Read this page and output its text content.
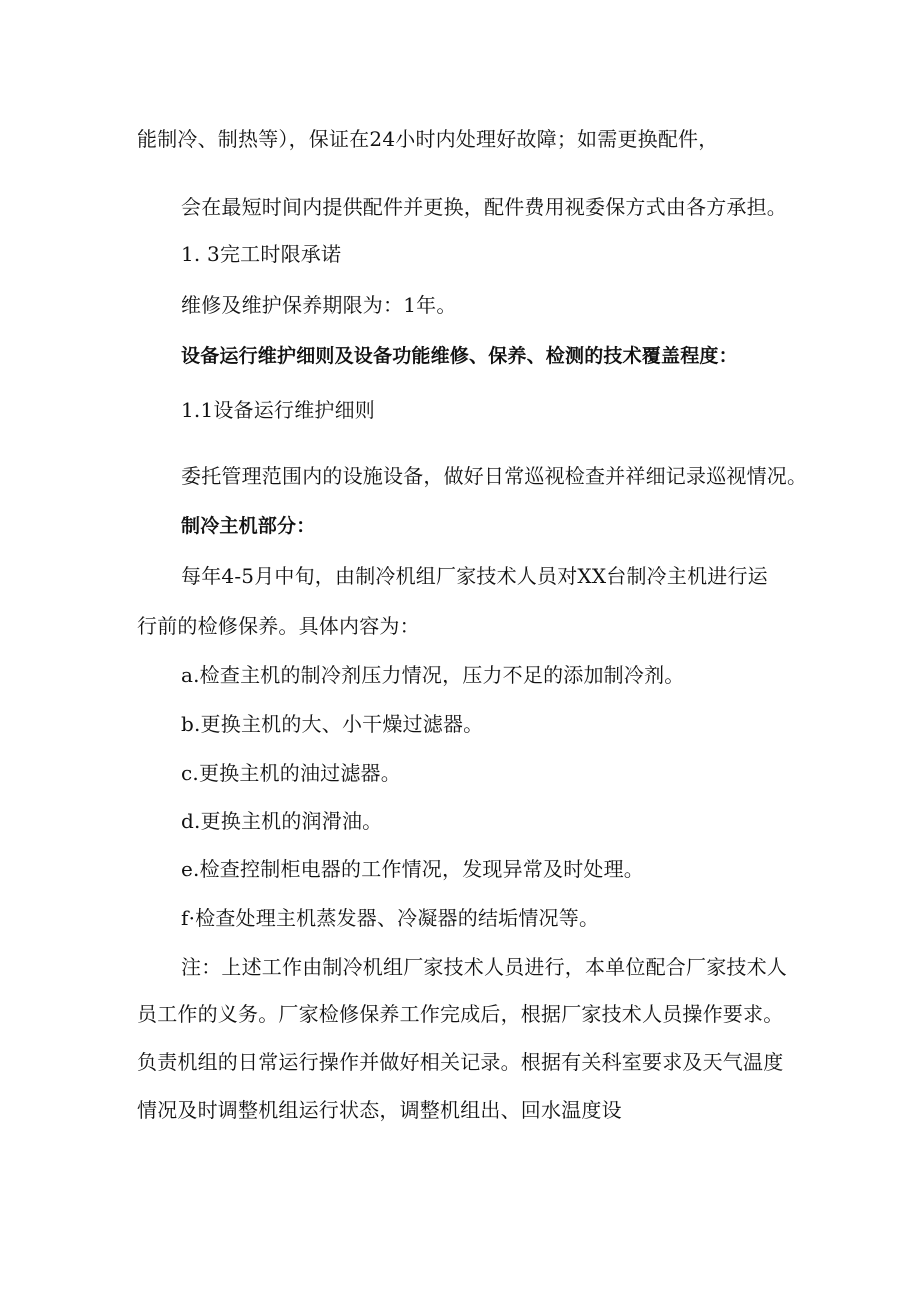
能制冷、制热等），保证在24小时内处理好故障；如需更换配件，
会在最短时间内提供配件并更换，配件费用视委保方式由各方承担。
1. 3完工时限承诺
维修及维护保养期限为：1年。
设备运行维护细则及设备功能维修、保养、检测的技术覆盖程度：
1.1设备运行维护细则
委托管理范围内的设施设备，做好日常巡视检查并祥细记录巡视情况。
制冷主机部分：
每年4-5月中旬，由制冷机组厂家技术人员对XX台制冷主机进行运
行前的检修保养。具体内容为：
a.检查主机的制冷剂压力情况，压力不足的添加制冷剂。
b.更换主机的大、小干燥过滤器。
c.更换主机的油过滤器。
d.更换主机的润滑油。
e.检查控制柜电器的工作情况，发现异常及时处理。
f·检查处理主机蒸发器、冷凝器的结垢情况等。
注：上述工作由制冷机组厂家技术人员进行，本单位配合厂家技术人
员工作的义务。厂家检修保养工作完成后，根据厂家技术人员操作要求。
负责机组的日常运行操作并做好相关记录。根据有关科室要求及天气温度
情况及时调整机组运行状态，调整机组出、回水温度设
